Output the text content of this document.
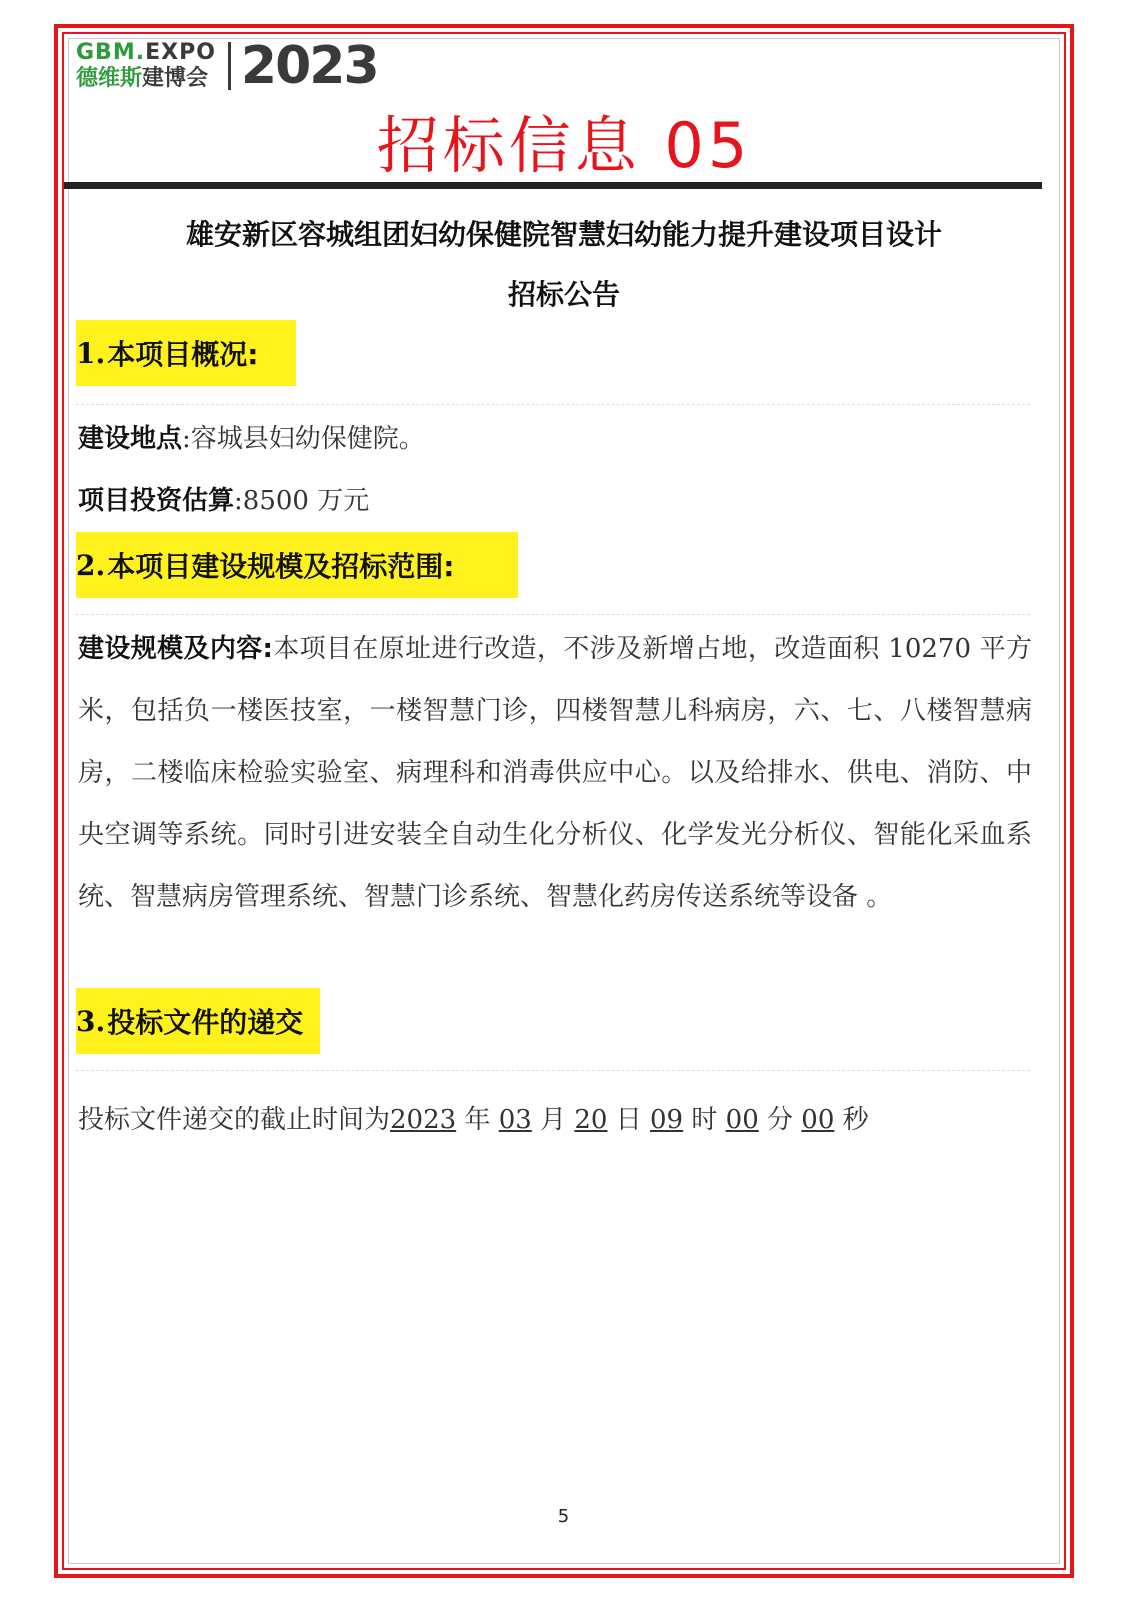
GBM.EXPO
德维斯建博会 2023
招标信息 05
雄安新区容城组团妇幼保健院智慧妇幼能力提升建设项目设计
招标公告
1. 本项目概况:
建设地点:容城县妇幼保健院。
项目投资估算:8500 万元
2. 本项目建设规模及招标范围:
建设规模及内容:本项目在原址进行改造，不涉及新增占地，改造面积 10270 平方米，包括负一楼医技室，一楼智慧门诊，四楼智慧儿科病房，六、七、八楼智慧病房，二楼临床检验实验室、病理科和消毒供应中心。以及给排水、供电、消防、中央空调等系统。同时引进安装全自动生化分析仪、化学发光分析仪、智能化采血系统、智慧病房管理系统、智慧门诊系统、智慧化药房传送系统等设备 。
3. 投标文件的递交
投标文件递交的截止时间为2023 年 03 月 20 日 09 时 00 分 00 秒
5
